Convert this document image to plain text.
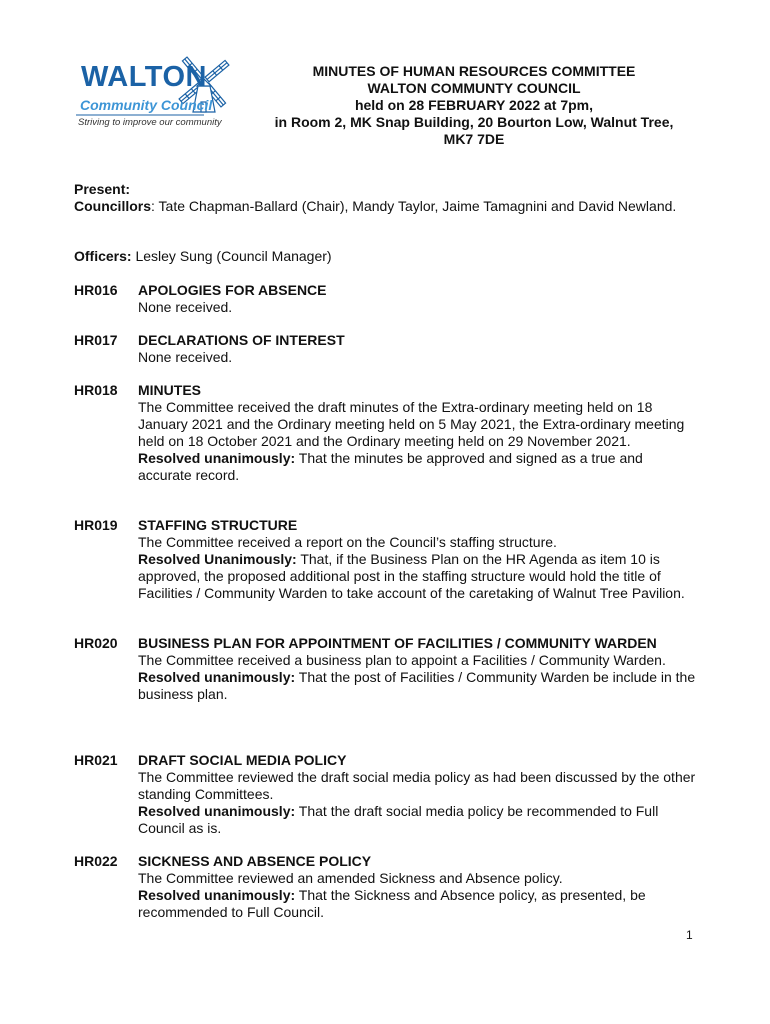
WALTON
Community Council
Striving to improve our community
MINUTES OF HUMAN RESOURCES COMMITTEE
WALTON COMMUNTY COUNCIL
held on 28 FEBRUARY 2022 at 7pm,
in Room 2, MK Snap Building, 20 Bourton Low, Walnut Tree,
MK7 7DE
Present:
Councillors: Tate Chapman-Ballard (Chair), Mandy Taylor, Jaime Tamagnini and David Newland.
Officers: Lesley Sung (Council Manager)
HR016 APOLOGIES FOR ABSENCE

None received.

HR017 DECLARATIONS OF INTEREST

None received.

HR018 MINUTES

The Committee received the draft minutes of the Extra-ordinary meeting held on 18 January 2021 and the Ordinary meeting held on 5 May 2021, the Extra-ordinary meeting held on 18 October 2021 and the Ordinary meeting held on 29 November 2021.

Resolved unanimously: That the minutes be approved and signed as a true and accurate record.

HR019 STAFFING STRUCTURE

The Committee received a report on the Council’s staffing structure.

Resolved Unanimously: That, if the Business Plan on the HR Agenda as item 10 is approved, the proposed additional post in the staffing structure would hold the title of Facilities / Community Warden to take account of the caretaking of Walnut Tree Pavilion.

HR020 BUSINESS PLAN FOR APPOINTMENT OF FACILITIES / COMMUNITY WARDEN

The Committee received a business plan to appoint a Facilities / Community Warden.

Resolved unanimously: That the post of Facilities / Community Warden be include in the business plan.

HR021 DRAFT SOCIAL MEDIA POLICY

The Committee reviewed the draft social media policy as had been discussed by the other standing Committees.

Resolved unanimously: That the draft social media policy be recommended to Full Council as is.

HR022 SICKNESS AND ABSENCE POLICY

The Committee reviewed an amended Sickness and Absence policy.

Resolved unanimously: That the Sickness and Absence policy, as presented, be recommended to Full Council.

1
